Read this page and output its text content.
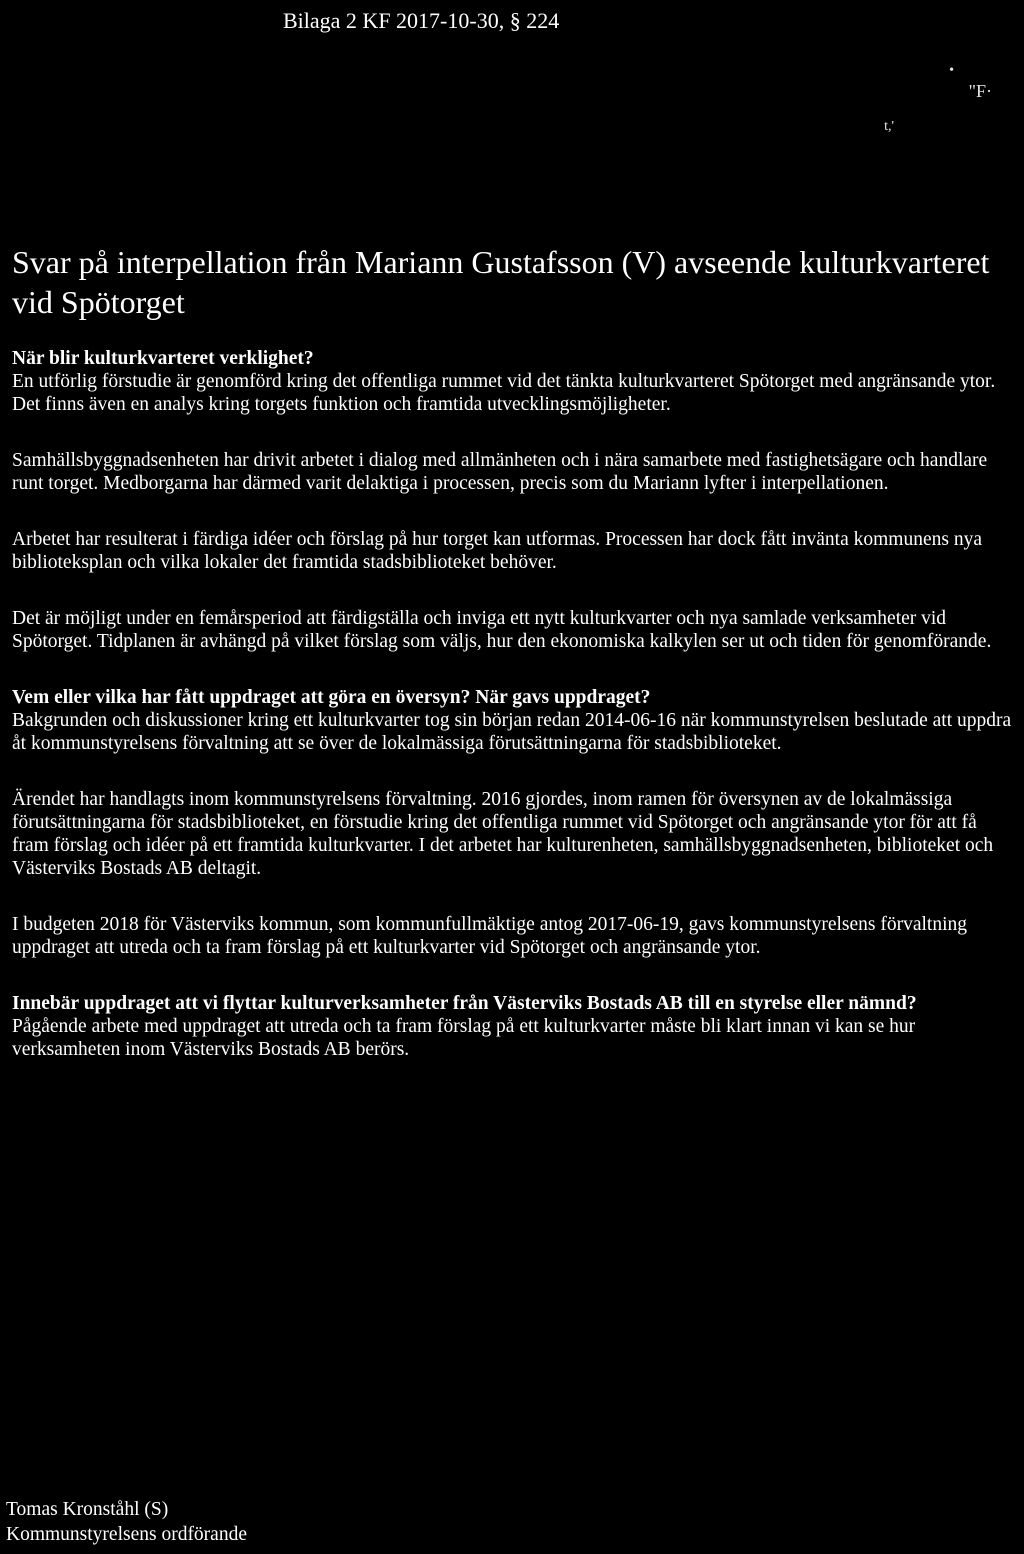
Bilaga 2 KF 2017-10-30, § 224
•
"F·
t,'
Svar på interpellation från Mariann Gustafsson (V) avseende kulturkvarteret vid Spötorget

När blir kulturkvarteret verklighet?

En utförlig förstudie är genomförd kring det offentliga rummet vid det tänkta kulturkvarteret Spötorget med angränsande ytor. Det finns även en analys kring torgets funktion och framtida utvecklingsmöjligheter.

Samhällsbyggnadsenheten har drivit arbetet i dialog med allmänheten och i nära samarbete med fastighetsägare och handlare runt torget. Medborgarna har därmed varit delaktiga i processen, precis som du Mariann lyfter i interpellationen.

Arbetet har resulterat i färdiga idéer och förslag på hur torget kan utformas. Processen har dock fått invänta kommunens nya biblioteksplan och vilka lokaler det framtida stadsbiblioteket behöver.

Det är möjligt under en femårsperiod att färdigställa och inviga ett nytt kulturkvarter och nya samlade verksamheter vid Spötorget. Tidplanen är avhängd på vilket förslag som väljs, hur den ekonomiska kalkylen ser ut och tiden för genomförande.

Vem eller vilka har fått uppdraget att göra en översyn? När gavs uppdraget?

Bakgrunden och diskussioner kring ett kulturkvarter tog sin början redan 2014-06-16 när kommunstyrelsen beslutade att uppdra åt kommunstyrelsens förvaltning att se över de lokalmässiga förutsättningarna för stadsbiblioteket.

Ärendet har handlagts inom kommunstyrelsens förvaltning. 2016 gjordes, inom ramen för översynen av de lokalmässiga förutsättningarna för stadsbiblioteket, en förstudie kring det offentliga rummet vid Spötorget och angränsande ytor för att få fram förslag och idéer på ett framtida kulturkvarter. I det arbetet har kulturenheten, samhällsbyggnadsenheten, biblioteket och Västerviks Bostads AB deltagit.

I budgeten 2018 för Västerviks kommun, som kommunfullmäktige antog 2017-06-19, gavs kommunstyrelsens förvaltning uppdraget att utreda och ta fram förslag på ett kulturkvarter vid Spötorget och angränsande ytor.

Innebär uppdraget att vi flyttar kulturverksamheter från Västerviks Bostads AB till en styrelse eller nämnd?

Pågående arbete med uppdraget att utreda och ta fram förslag på ett kulturkvarter måste bli klart innan vi kan se hur verksamheten inom Västerviks Bostads AB berörs.

Tomas Kronståhl (S)
Kommunstyrelsens ordförande
